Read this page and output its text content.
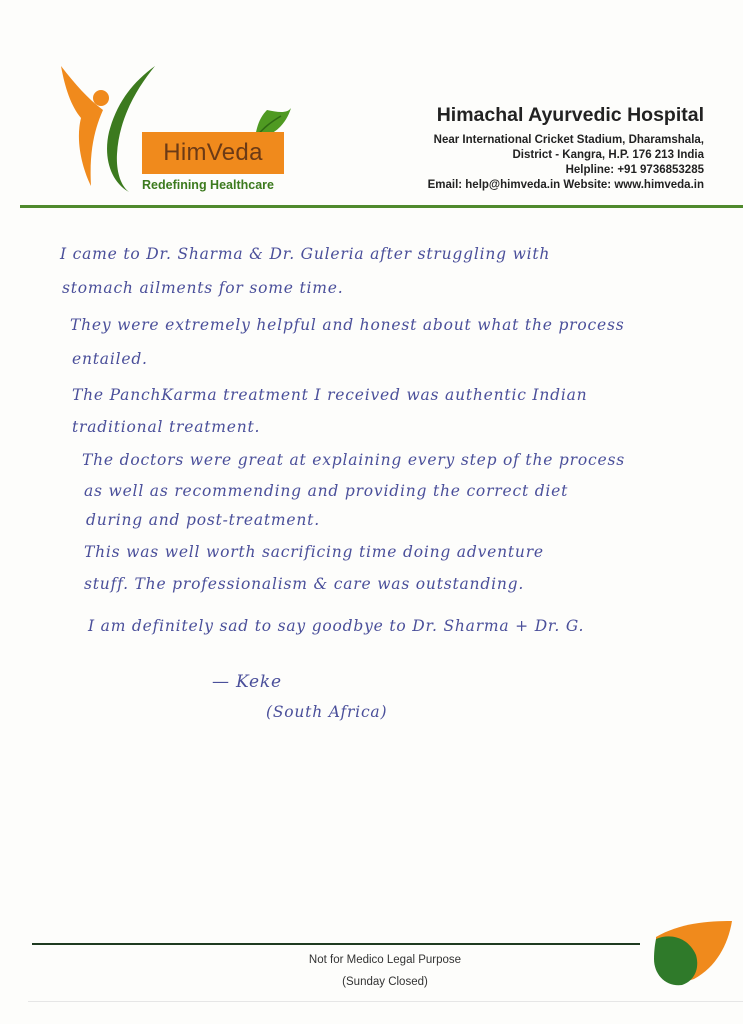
HimVeda
Redefining Healthcare
Himachal Ayurvedic Hospital
Near International Cricket Stadium, Dharamshala,
District - Kangra, H.P. 176 213 India
Helpline: +91 9736853285
Email: help@himveda.in Website: www.himveda.in
I came to Dr. Sharma & Dr. Guleria after struggling with
stomach ailments for some time.
They were extremely helpful and honest about what the process
entailed.
The PanchKarma treatment I received was authentic Indian
traditional treatment.
The doctors were great at explaining every step of the process
as well as recommending and providing the correct diet
during and post-treatment.
This was well worth sacrificing time doing adventure
stuff. The professionalism & care was outstanding.
I am definitely sad to say goodbye to Dr. Sharma + Dr. G.
— Keke
(South Africa)
Not for Medico Legal Purpose
(Sunday Closed)
